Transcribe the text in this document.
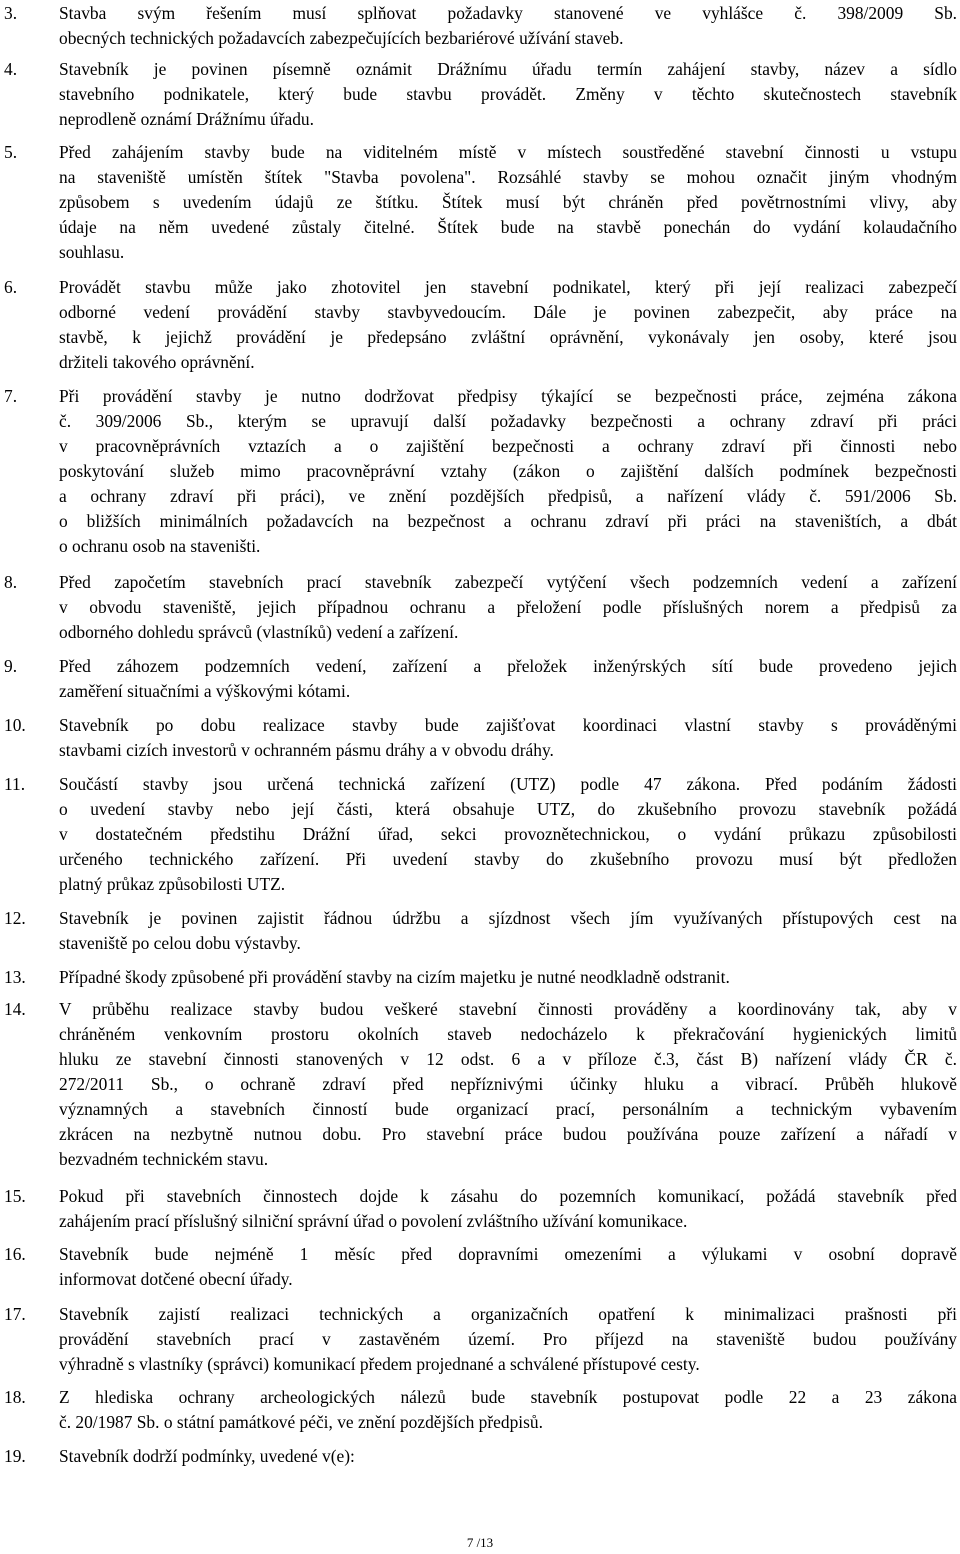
3. Stavba svým řešením musí splňovat požadavky stanovené ve vyhlášce č. 398/2009 Sb.
obecných technických požadavcích zabezpečujících bezbariérové užívání staveb.
4. Stavebník je povinen písemně oznámit Drážnímu úřadu termín zahájení stavby, název a sídlo
stavebního podnikatele, který bude stavbu provádět. Změny v těchto skutečnostech stavebník
neprodleně oznámí Drážnímu úřadu.
5. Před zahájením stavby bude na viditelném místě v místech soustředěné stavební činnosti u vstupu
na staveniště umístěn štítek "Stavba povolena". Rozsáhlé stavby se mohou označit jiným vhodným
způsobem s uvedením údajů ze štítku. Štítek musí být chráněn před povětrnostními vlivy, aby
údaje na něm uvedené zůstaly čitelné. Štítek bude na stavbě ponechán do vydání kolaudačního
souhlasu.
6. Provádět stavbu může jako zhotovitel jen stavební podnikatel, který při její realizaci zabezpečí
odborné vedení provádění stavby stavbyvedoucím. Dále je povinen zabezpečit, aby práce na
stavbě, k jejichž provádění je předepsáno zvláštní oprávnění, vykonávaly jen osoby, které jsou
držiteli takového oprávnění.
7. Při provádění stavby je nutno dodržovat předpisy týkající se bezpečnosti práce, zejména zákona
č. 309/2006 Sb., kterým se upravují další požadavky bezpečnosti a ochrany zdraví při práci
v pracovněprávních vztazích a o zajištění bezpečnosti a ochrany zdraví při činnosti nebo
poskytování služeb mimo pracovněprávní vztahy (zákon o zajištění dalších podmínek bezpečnosti
a ochrany zdraví při práci), ve znění pozdějších předpisů, a nařízení vlády č. 591/2006 Sb.
o bližších minimálních požadavcích na bezpečnost a ochranu zdraví při práci na staveništích, a dbát
o ochranu osob na staveništi.
8. Před započetím stavebních prací stavebník zabezpečí vytýčení všech podzemních vedení a zařízení
v obvodu staveniště, jejich případnou ochranu a přeložení podle příslušných norem a předpisů za
odborného dohledu správců (vlastníků) vedení a zařízení.
9. Před záhozem podzemních vedení, zařízení a přeložek inženýrských sítí bude provedeno jejich
zaměření situačními a výškovými kótami.
10. Stavebník po dobu realizace stavby bude zajišťovat koordinaci vlastní stavby s prováděnými
stavbami cizích investorů v ochranném pásmu dráhy a v obvodu dráhy.
11. Součástí stavby jsou určená technická zařízení (UTZ) podle 47 zákona. Před podáním žádosti
o uvedení stavby nebo její části, která obsahuje UTZ, do zkušebního provozu stavebník požádá
v dostatečném předstihu Drážní úřad, sekci provoznětechnickou, o vydání průkazu způsobilosti
určeného technického zařízení. Při uvedení stavby do zkušebního provozu musí být předložen
platný průkaz způsobilosti UTZ.
12. Stavebník je povinen zajistit řádnou údržbu a sjízdnost všech jím využívaných přístupových cest na
staveniště po celou dobu výstavby.
13. Případné škody způsobené při provádění stavby na cizím majetku je nutné neodkladně odstranit.
14. V průběhu realizace stavby budou veškeré stavební činnosti prováděny a koordinovány tak, aby v
chráněném venkovním prostoru okolních staveb nedocházelo k překračování hygienických limitů
hluku ze stavební činnosti stanovených v 12 odst. 6 a v příloze č.3, část B) nařízení vlády ČR č.
272/2011 Sb., o ochraně zdraví před nepříznivými účinky hluku a vibrací. Průběh hlukově
významných a stavebních činností bude organizací prací, personálním a technickým vybavením
zkrácen na nezbytně nutnou dobu. Pro stavební práce budou používána pouze zařízení a nářadí v
bezvadném technickém stavu.
15. Pokud při stavebních činnostech dojde k zásahu do pozemních komunikací, požádá stavebník před
zahájením prací příslušný silniční správní úřad o povolení zvláštního užívání komunikace.
16. Stavebník bude nejméně 1 měsíc před dopravními omezeními a výlukami v osobní dopravě
informovat dotčené obecní úřady.
17. Stavebník zajistí realizaci technických a organizačních opatření k minimalizaci prašnosti při
provádění stavebních prací v zastavěném území. Pro příjezd na staveniště budou používány
výhradně s vlastníky (správci) komunikací předem projednané a schválené přístupové cesty.
18. Z hlediska ochrany archeologických nálezů bude stavebník postupovat podle 22 a 23 zákona
č. 20/1987 Sb. o státní památkové péči, ve znění pozdějších předpisů.
19. Stavebník dodrží podmínky, uvedené v(e):
7 /13
